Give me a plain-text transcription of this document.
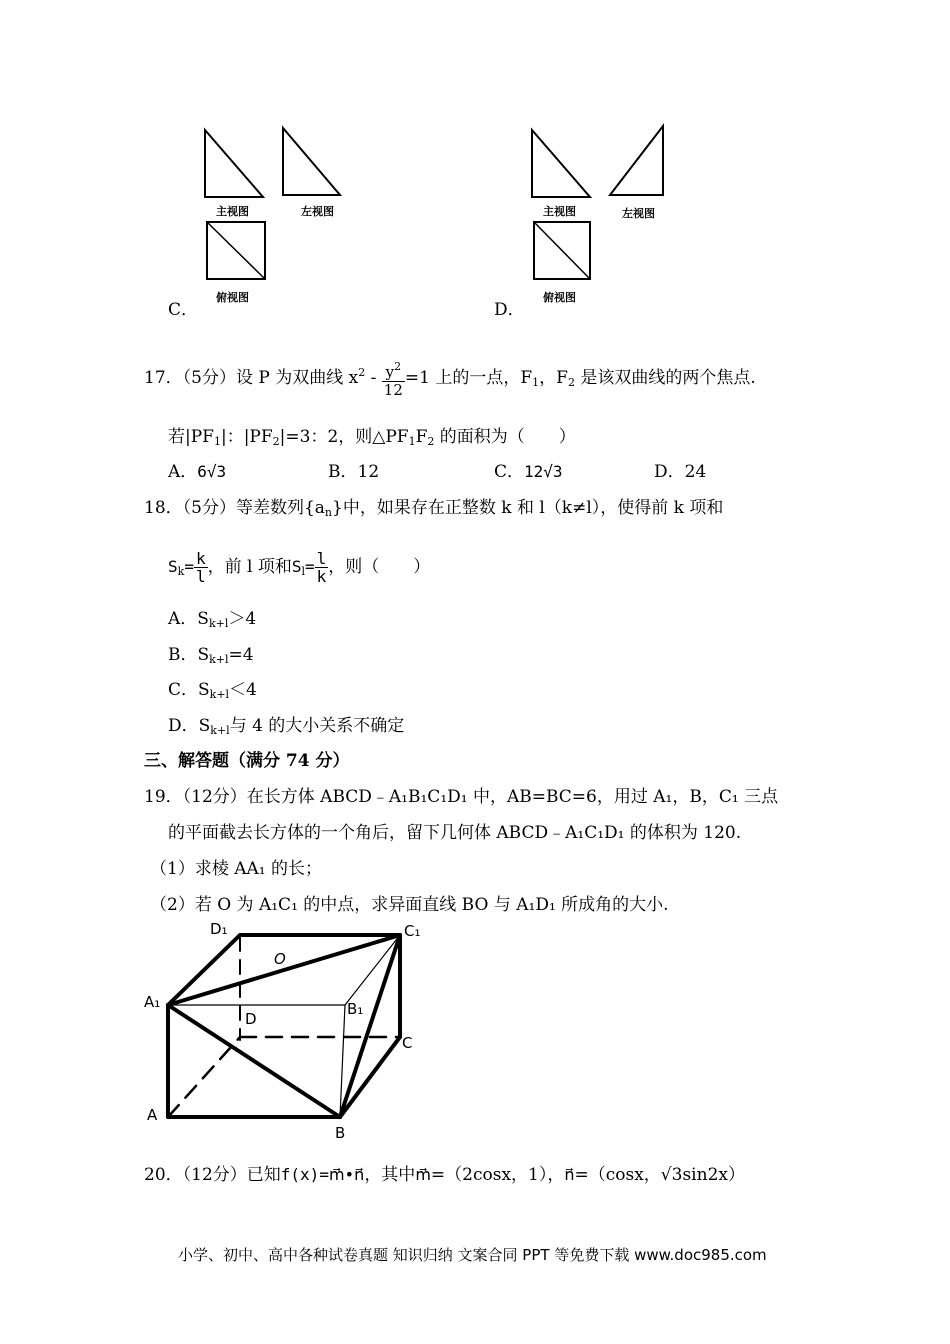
主视图	左视图
俯视图
C．
主视图	左视图
俯视图
D．
17．（5分）设 P 为双曲线 $x^2 - \frac{y^2}{12} =1$ 上的一点，$F_1$，$F_2$ 是该双曲线的两个焦点.
若$|PF_1|$：$|PF_2|=3$：2，则$\triangle PF_1F_2$ 的面积为（　　）
A．6√3	B．12	C．12√3	D．24
18．（5分）等差数列$\{a_n\}$中，如果存在正整数 k 和 l（k≠l），使得前 k 项和
$S_k= \frac{k}{l}$ ，前 l 项和$S_l= \frac{l}{k}$ ，则（　　）
A．$S_{k+l}>4$
B．$S_{k+l}=4$
C．$S_{k+l}<4$
D．$S_{k+l}$与 4 的大小关系不确定
三、解答题（满分 74 分）
19．（12分）在长方体 ABCD﹣A₁B₁C₁D₁ 中，AB=BC=6，用过 A₁，B，C₁ 三点
的平面截去长方体的一个角后，留下几何体 ABCD﹣A₁C₁D₁ 的体积为 120.
（1）求棱 AA₁ 的长；
（2）若 O 为 A₁C₁ 的中点，求异面直线 BO 与 A₁D₁ 所成角的大小.
D₁	C₁
O
A₁
D
B₁
C
A
B
20．（12分）已知f(x)=m⃗•n⃗，其中m⃗=（2cosx，1），n⃗=（cosx，√3sin2x）
小学、初中、高中各种试卷真题 知识归纳 文案合同 PPT 等免费下载 www.doc985.com
